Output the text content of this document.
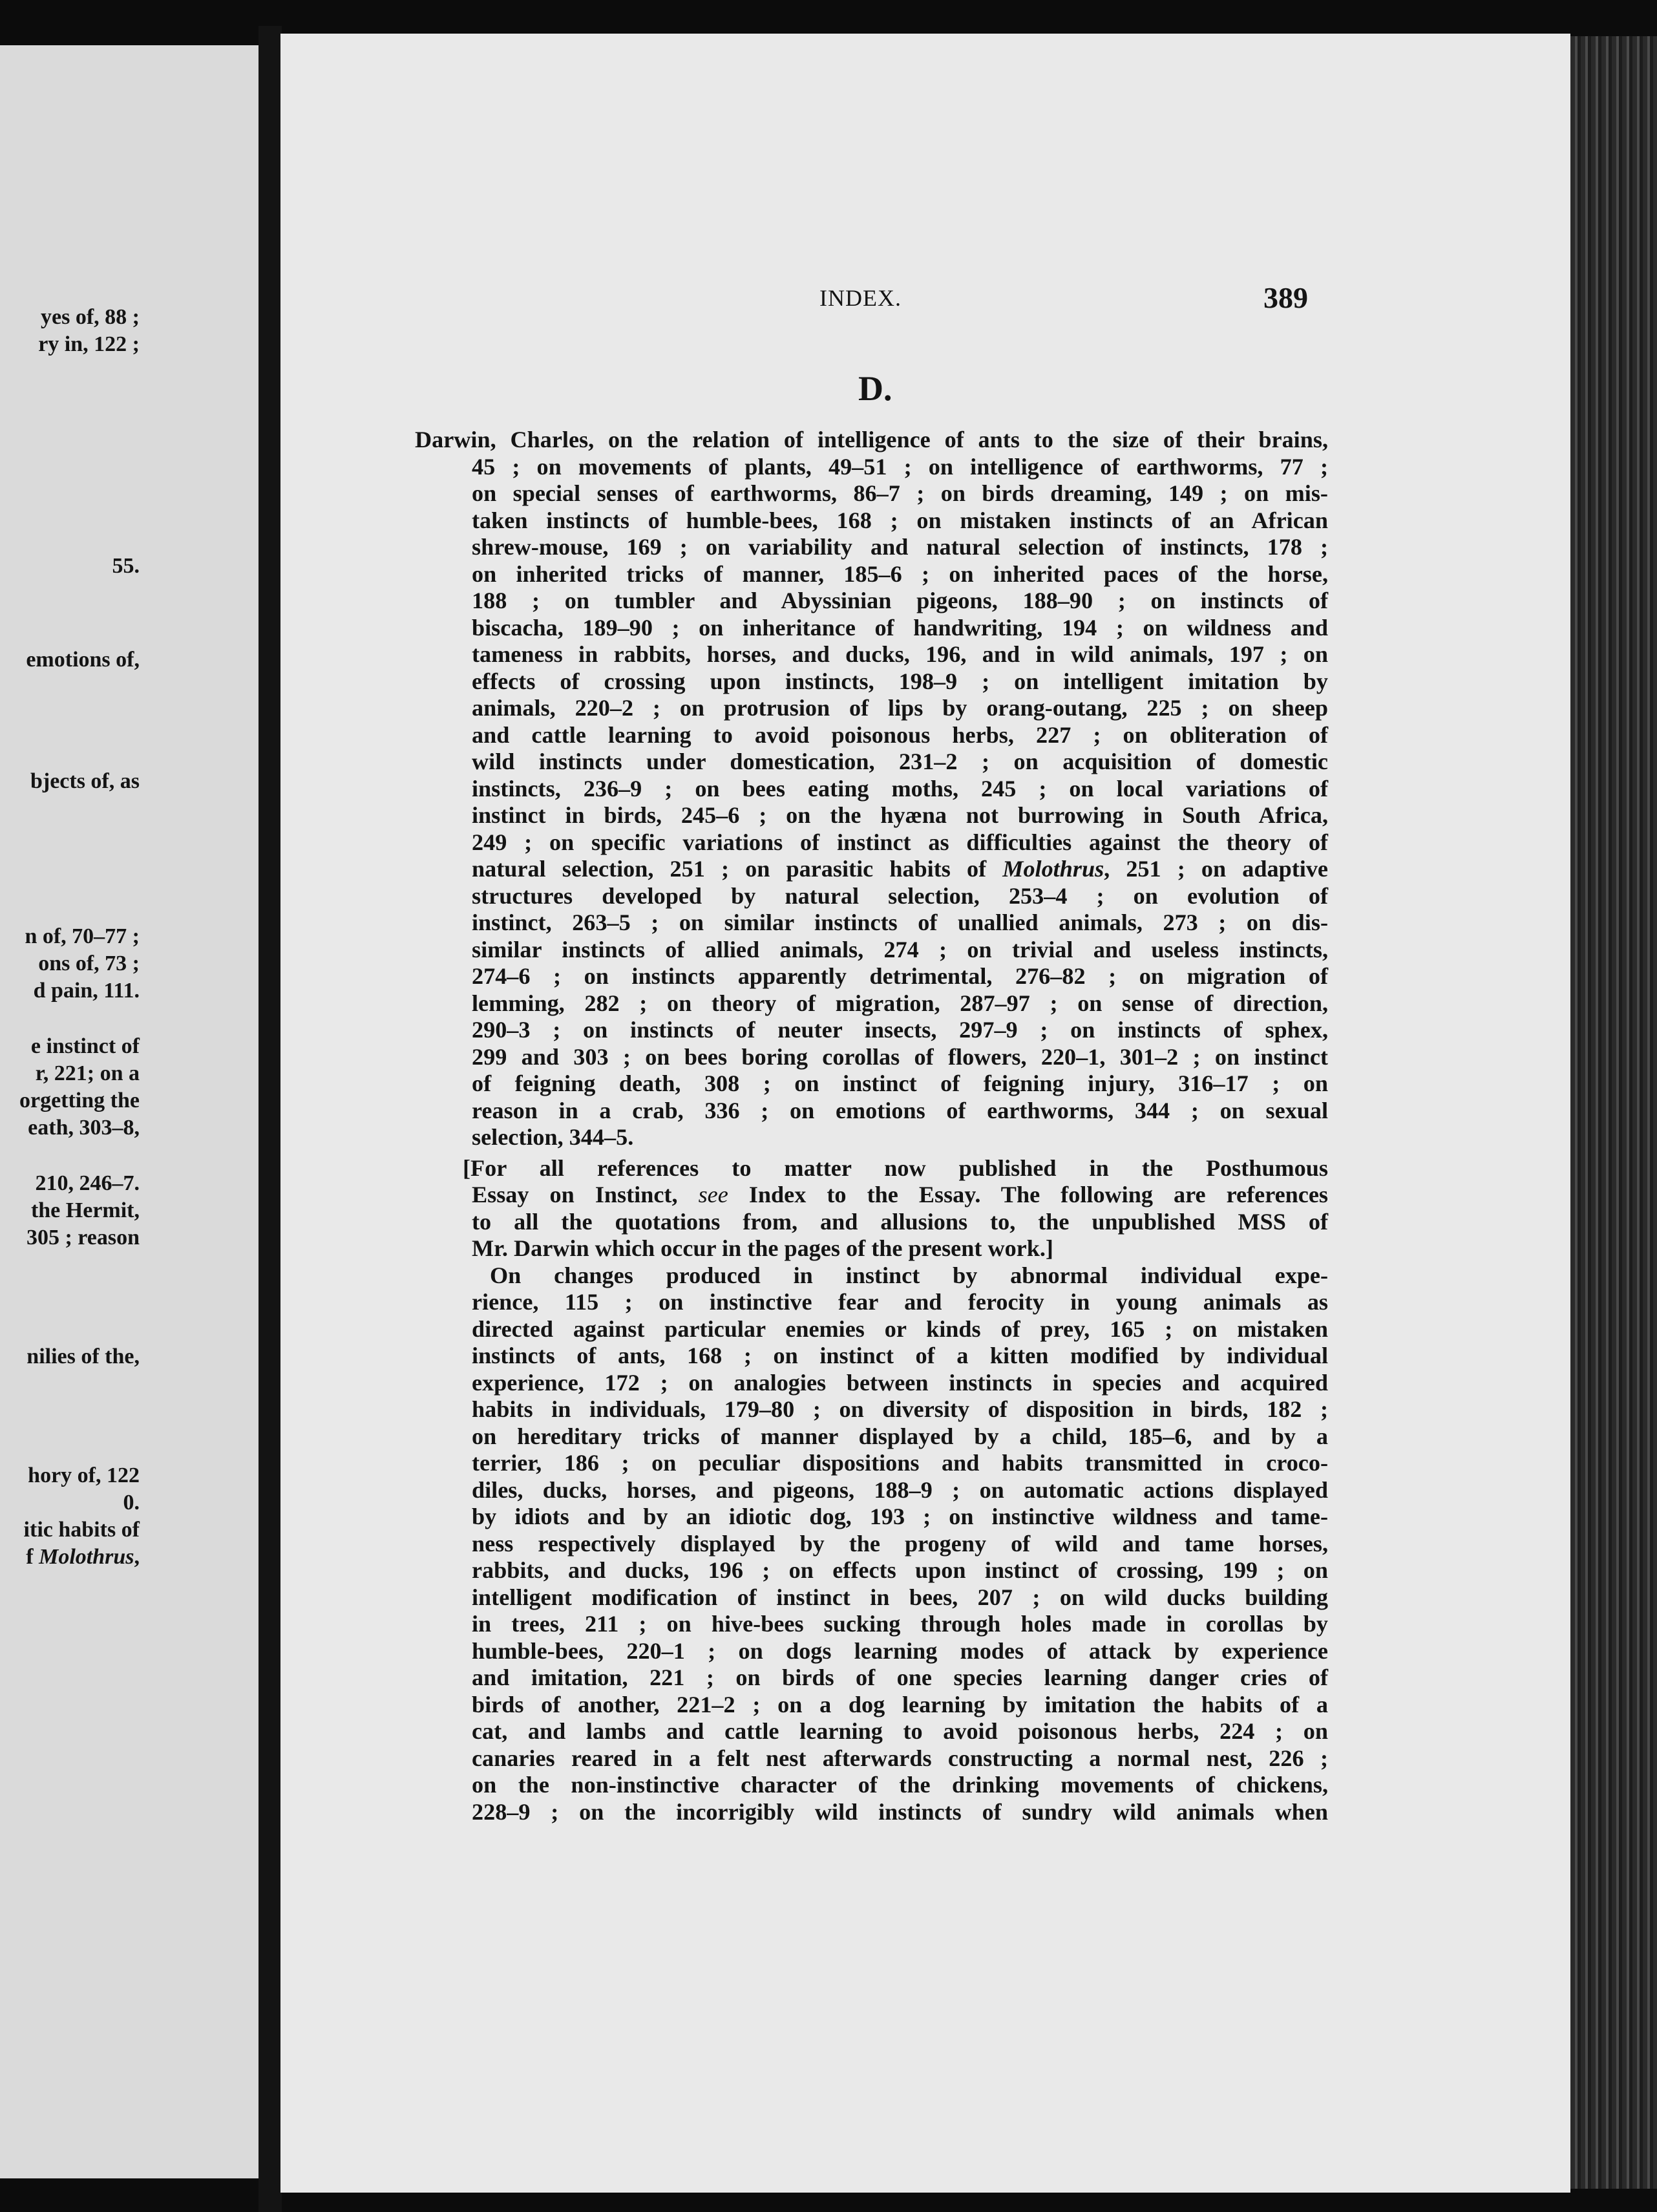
yes of, 88 ;
ry in, 122 ;
55.
emotions of,
bjects of, as
n of, 70–77 ;
ons of, 73 ;
d pain, 111.
e instinct of
r, 221; on a
orgetting the
eath, 303–8,
210, 246–7.
the Hermit,
305 ; reason
nilies of the,
hory of, 122
0.
itic habits of
f Molothrus,
INDEX.	389
D.
Darwin, Charles, on the relation of intelligence of ants to the size of their brains,
45 ; on movements of plants, 49–51 ; on intelligence of earthworms, 77 ;
on special senses of earthworms, 86–7 ; on birds dreaming, 149 ; on mis-
taken instincts of humble-bees, 168 ; on mistaken instincts of an African
shrew-mouse, 169 ; on variability and natural selection of instincts, 178 ;
on inherited tricks of manner, 185–6 ; on inherited paces of the horse,
188 ; on tumbler and Abyssinian pigeons, 188–90 ; on instincts of
biscacha, 189–90 ; on inheritance of handwriting, 194 ; on wildness and
tameness in rabbits, horses, and ducks, 196, and in wild animals, 197 ; on
effects of crossing upon instincts, 198–9 ; on intelligent imitation by
animals, 220–2 ; on protrusion of lips by orang-outang, 225 ; on sheep
and cattle learning to avoid poisonous herbs, 227 ; on obliteration of
wild instincts under domestication, 231–2 ; on acquisition of domestic
instincts, 236–9 ; on bees eating moths, 245 ; on local variations of
instinct in birds, 245–6 ; on the hyæna not burrowing in South Africa,
249 ; on specific variations of instinct as difficulties against the theory of
natural selection, 251 ; on parasitic habits of Molothrus, 251 ; on adaptive
structures developed by natural selection, 253–4 ; on evolution of
instinct, 263–5 ; on similar instincts of unallied animals, 273 ; on dis-
similar instincts of allied animals, 274 ; on trivial and useless instincts,
274–6 ; on instincts apparently detrimental, 276–82 ; on migration of
lemming, 282 ; on theory of migration, 287–97 ; on sense of direction,
290–3 ; on instincts of neuter insects, 297–9 ; on instincts of sphex,
299 and 303 ; on bees boring corollas of flowers, 220–1, 301–2 ; on instinct
of feigning death, 308 ; on instinct of feigning injury, 316–17 ; on
reason in a crab, 336 ; on emotions of earthworms, 344 ; on sexual
selection, 344–5.
[For all references to matter now published in the Posthumous
Essay on Instinct, see Index to the Essay. The following are references
to all the quotations from, and allusions to, the unpublished MSS of
Mr. Darwin which occur in the pages of the present work.]
On changes produced in instinct by abnormal individual expe-
rience, 115 ; on instinctive fear and ferocity in young animals as
directed against particular enemies or kinds of prey, 165 ; on mistaken
instincts of ants, 168 ; on instinct of a kitten modified by individual
experience, 172 ; on analogies between instincts in species and acquired
habits in individuals, 179–80 ; on diversity of disposition in birds, 182 ;
on hereditary tricks of manner displayed by a child, 185–6, and by a
terrier, 186 ; on peculiar dispositions and habits transmitted in croco-
diles, ducks, horses, and pigeons, 188–9 ; on automatic actions displayed
by idiots and by an idiotic dog, 193 ; on instinctive wildness and tame-
ness respectively displayed by the progeny of wild and tame horses,
rabbits, and ducks, 196 ; on effects upon instinct of crossing, 199 ; on
intelligent modification of instinct in bees, 207 ; on wild ducks building
in trees, 211 ; on hive-bees sucking through holes made in corollas by
humble-bees, 220–1 ; on dogs learning modes of attack by experience
and imitation, 221 ; on birds of one species learning danger cries of
birds of another, 221–2 ; on a dog learning by imitation the habits of a
cat, and lambs and cattle learning to avoid poisonous herbs, 224 ; on
canaries reared in a felt nest afterwards constructing a normal nest, 226 ;
on the non-instinctive character of the drinking movements of chickens,
228–9 ; on the incorrigibly wild instincts of sundry wild animals when
